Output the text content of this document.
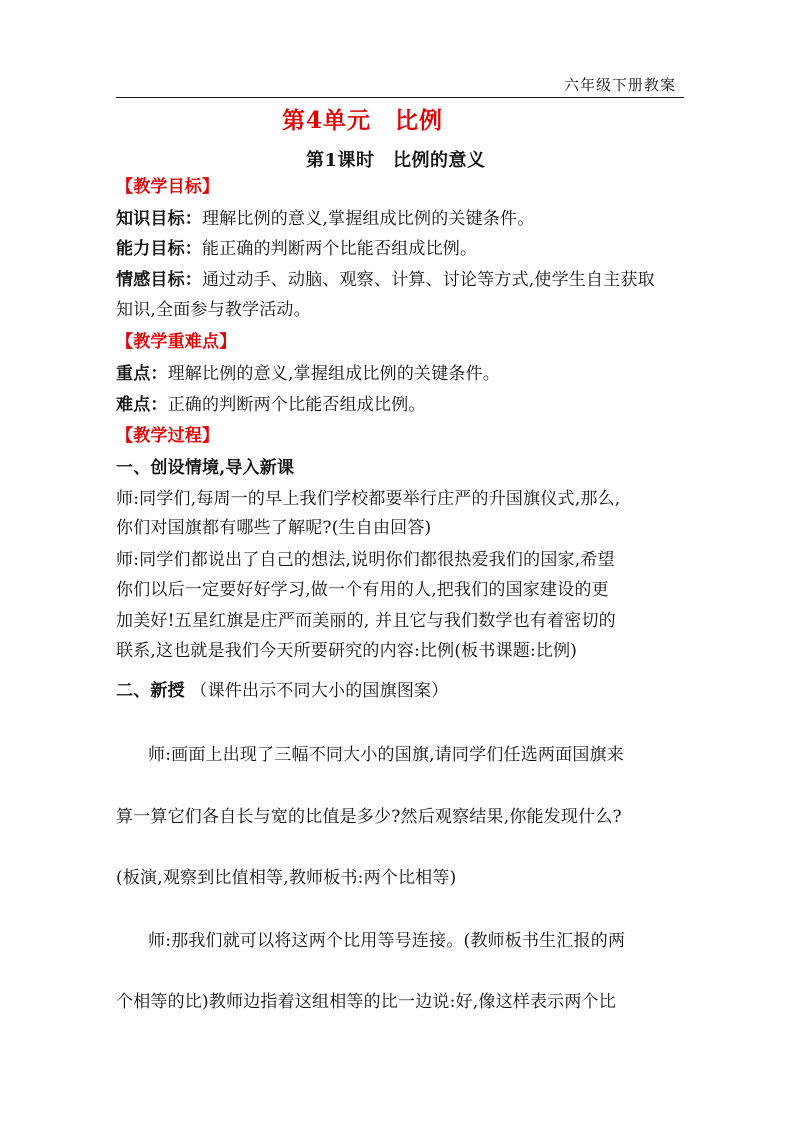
六年级下册教案
第4单元　比例
第1课时　比例的意义
【教学目标】
知识目标：理解比例的意义,掌握组成比例的关键条件。
能力目标：能正确的判断两个比能否组成比例。
情感目标：通过动手、动脑、观察、计算、讨论等方式,使学生自主获取
知识,全面参与教学活动。
【教学重难点】
重点：理解比例的意义,掌握组成比例的关键条件。
难点：正确的判断两个比能否组成比例。
【教学过程】
一、创设情境,导入新课
师:同学们,每周一的早上我们学校都要举行庄严的升国旗仪式,那么,
你们对国旗都有哪些了解呢?(生自由回答)
师:同学们都说出了自己的想法,说明你们都很热爱我们的国家,希望
你们以后一定要好好学习,做一个有用的人,把我们的国家建设的更
加美好!五星红旗是庄严而美丽的, 并且它与我们数学也有着密切的
联系,这也就是我们今天所要研究的内容:比例(板书课题:比例)
二、新授 （课件出示不同大小的国旗图案）
师:画面上出现了三幅不同大小的国旗,请同学们任选两面国旗来
算一算它们各自长与宽的比值是多少?然后观察结果,你能发现什么?
(板演,观察到比值相等,教师板书:两个比相等)
师:那我们就可以将这两个比用等号连接。(教师板书生汇报的两
个相等的比)教师边指着这组相等的比一边说:好,像这样表示两个比
